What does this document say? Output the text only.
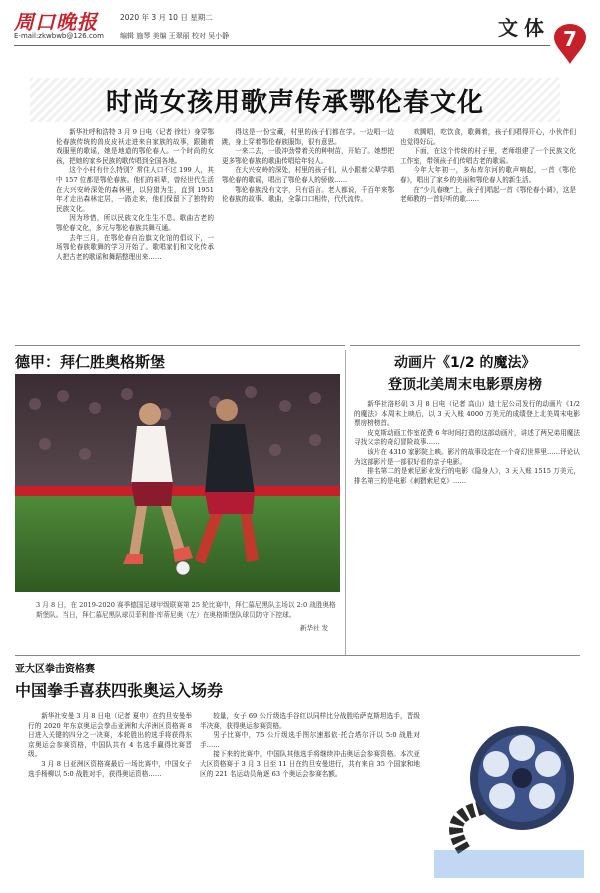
周口晚报
E-mail:zkwbwb@126.com
2020 年 3 月 10 日 星期二
编辑 施琴 美编 王翠丽 校对 吴小静	文体 7
时尚女孩用歌声传承鄂伦春文化

新华社呼和浩特 3 月 9 日电（记者 徐壮）身穿鄂伦春族传统的兽皮皮袄走进来自家族的故事，跟随着戏服里的歌谣，她是地道的鄂伦春人。一个时尚的女孩，把她的家乡民族的歌传唱到全国各地。

这个小村有什么特别？常住人口不过 199 人，其中 157 位都是鄂伦春族。他们的祖辈，曾经世代生活在大兴安岭深处的森林里，以狩猎为生，直到 1951 年才走出森林定居，一路走来，他们保留下了独特的民族文化。

因为珍惜，所以民族文化生生不息。歌曲古老的鄂伦春文化，多元与鄂伦春族共舞互通。

去年三月，在鄂伦春自治旗文化馆的倡议下，一场鄂伦春族歌舞的学习开始了。歌唱家们和文化传承人把古老的歌谣和舞蹈整理出来……

得这是一份宝藏，村里的孩子们都在学。一边唱一边跳，身上穿着鄂伦春族服饰，很有意思。

一来二去，一股冲劲带着关的种树苗，开始了。她想把更多鄂伦春族的歌曲传唱给年轻人。

在大兴安岭的深处，村里的孩子们，从小跟着父辈学唱鄂伦春的歌谣，唱出了鄂伦春人的骄傲……

鄂伦春族没有文字，只有语言。老人都说，千百年来鄂伦春族的故事、歌曲，全靠口口相传，代代流传。

欢腾唱，吃饮食，歌舞着，孩子们唱得开心，小伙伴们也觉得好玩。

下面，在这个传统的村子里，老师组建了一个民族文化工作室，带领孩子们传唱古老的歌谣。

今年大年初一，多布库尔河的歌声响起，一首《鄂伦春》，唱出了家乡的美丽和鄂伦春人的新生活。

在“少儿春晚”上，孩子们唱起一首《鄂伦春小调》，这是老师教的一首好听的歌……

德甲：拜仁胜奥格斯堡
3 月 8 日，在 2019-2020 赛季德国足球甲级联赛第 25 轮比赛中，拜仁慕尼黑队主场以 2:0 战胜奥格斯堡队。当日，拜仁慕尼黑队球员菲利普·库蒂尼奥（左）在奥格斯堡队球员防守下控球。
新华社 发
动画片《1/2 的魔法》
登顶北美周末电影票房榜

新华社洛杉矶 3 月 8 日电（记者 高山）迪士尼公司发行的动画片《1/2 的魔法》本周末上映后，以 3 天入账 4000 万美元的成绩登上北美周末电影票房榜榜首。

皮克斯动画工作室花费 6 年时间打造的这部动画片，讲述了两兄弟用魔法寻找父亲的奇幻冒险故事……

该片在 4310 家影院上映。影片的故事设定在一个奇幻世界里……评论认为这部影片是一部很好看的亲子电影。

排名第二的是索尼影业发行的电影《隐身人》，3 天入账 1515 万美元，排名第三的是电影《刺猬索尼克》……

亚大区拳击资格赛
中国拳手喜获四张奥运入场券

新华社安曼 3 月 8 日电（记者 夏申）在约旦安曼举行的 2020 年东京奥运会拳击亚洲和大洋洲区资格赛 8 日进入关键的四分之一决赛，本轮胜出的选手将获得东京奥运会参赛资格，中国队共有 4 名选手赢得比赛晋级。

3 月 8 日亚洲区资格赛最后一场比赛中，中国女子选手杨柳以 5:0 战胜对手，获得奥运资格……

较量，女子 69 公斤级选手谷红以同样比分战胜哈萨克斯坦选手，晋级半决赛，获得奥运参赛资格。

男子比赛中，75 公斤级选手图尔速那依·托合塔尔汗以 5:0 战胜对手……

接下来的比赛中，中国队其他选手将继续冲击奥运会参赛资格。本次亚大区资格赛于 3 月 3 日至 11 日在约旦安曼进行，共有来自 35 个国家和地区的 221 名运动员角逐 63 个奥运会参赛名额。
